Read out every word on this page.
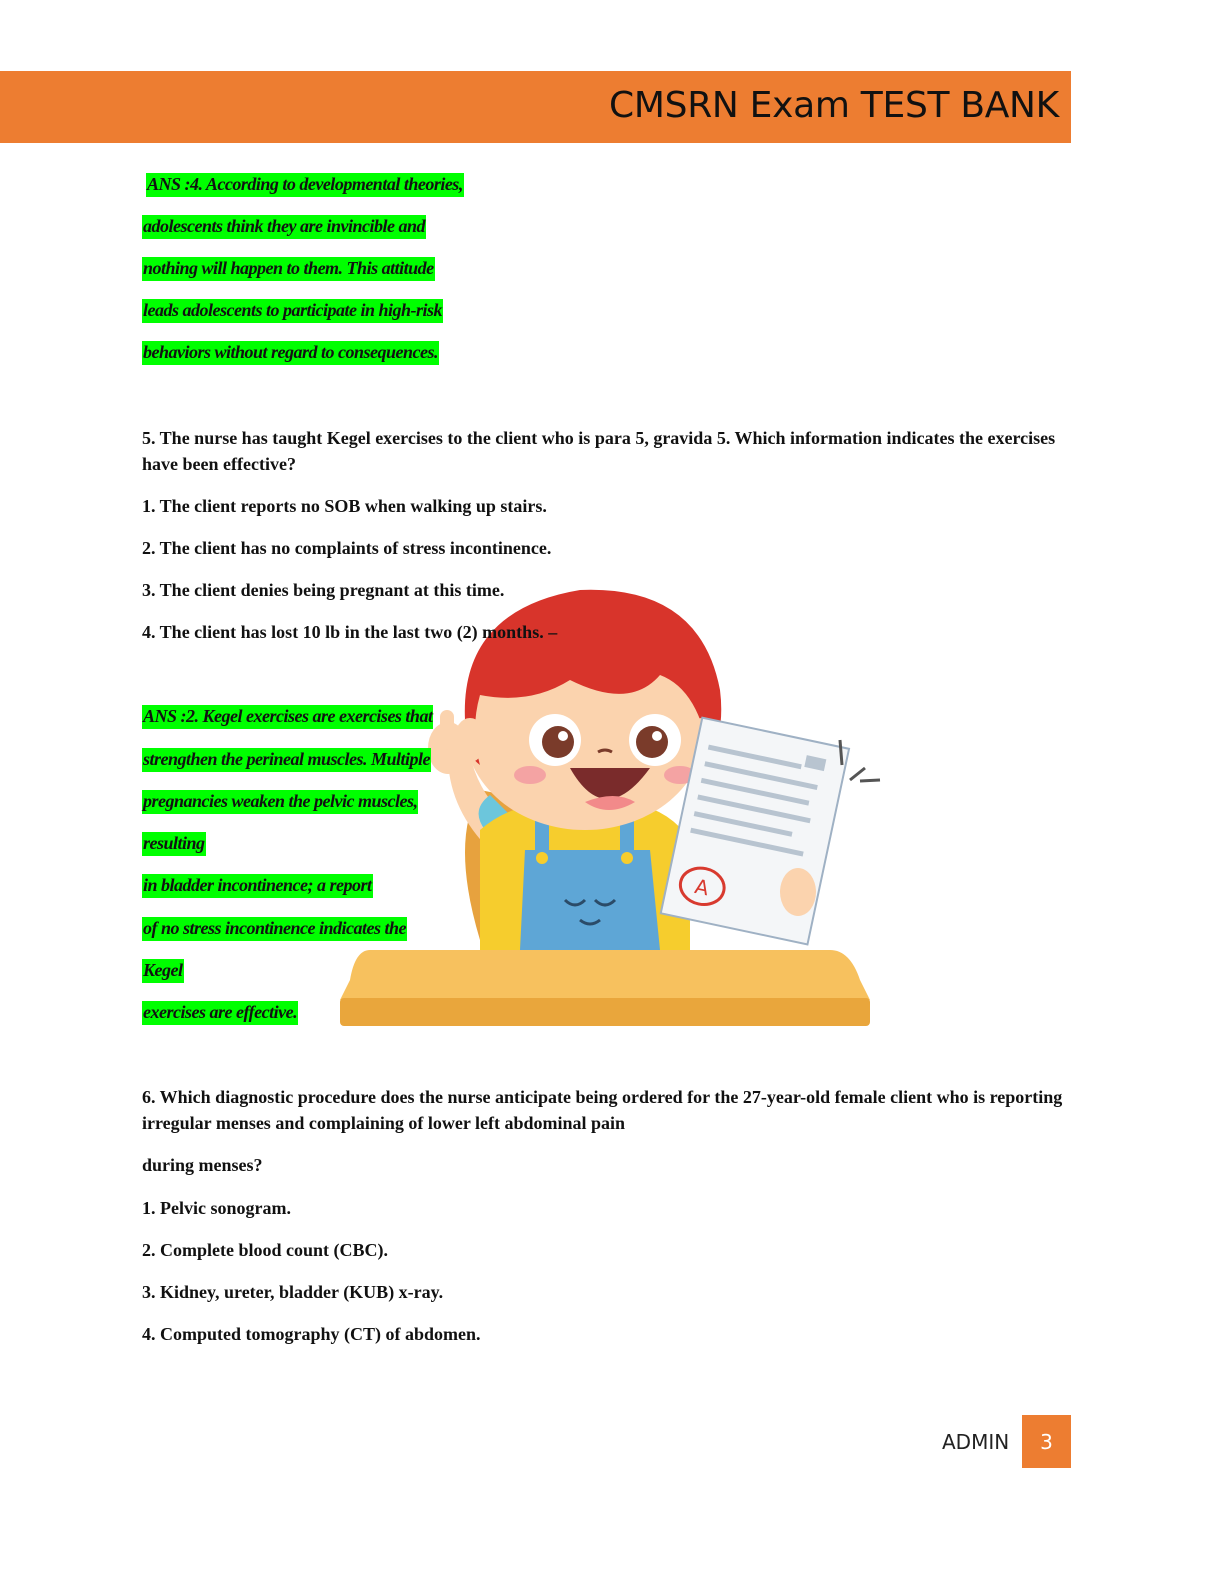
CMSRN Exam TEST BANK
ANS :4. According to developmental theories,
adolescents think they are invincible and
nothing will happen to them. This attitude
leads adolescents to participate in high-risk
behaviors without regard to consequences.
5. The nurse has taught Kegel exercises to the client who is para 5, gravida 5. Which information indicates the exercises have been effective?
1. The client reports no SOB when walking up stairs.
2. The client has no complaints of stress incontinence.
3. The client denies being pregnant at this time.
A
4. The client has lost 10 lb in the last two (2) months. –
ANS :2. Kegel exercises are exercises that
strengthen the perineal muscles. Multiple
pregnancies weaken the pelvic muscles,
resulting
in bladder incontinence; a report
of no stress incontinence indicates the
Kegel
exercises are effective.
6. Which diagnostic procedure does the nurse anticipate being ordered for the 27-year-old female client who is reporting irregular menses and complaining of lower left abdominal pain
during menses?
1. Pelvic sonogram.
2. Complete blood count (CBC).
3. Kidney, ureter, bladder (KUB) x-ray.
4. Computed tomography (CT) of abdomen.
ADMIN	3
